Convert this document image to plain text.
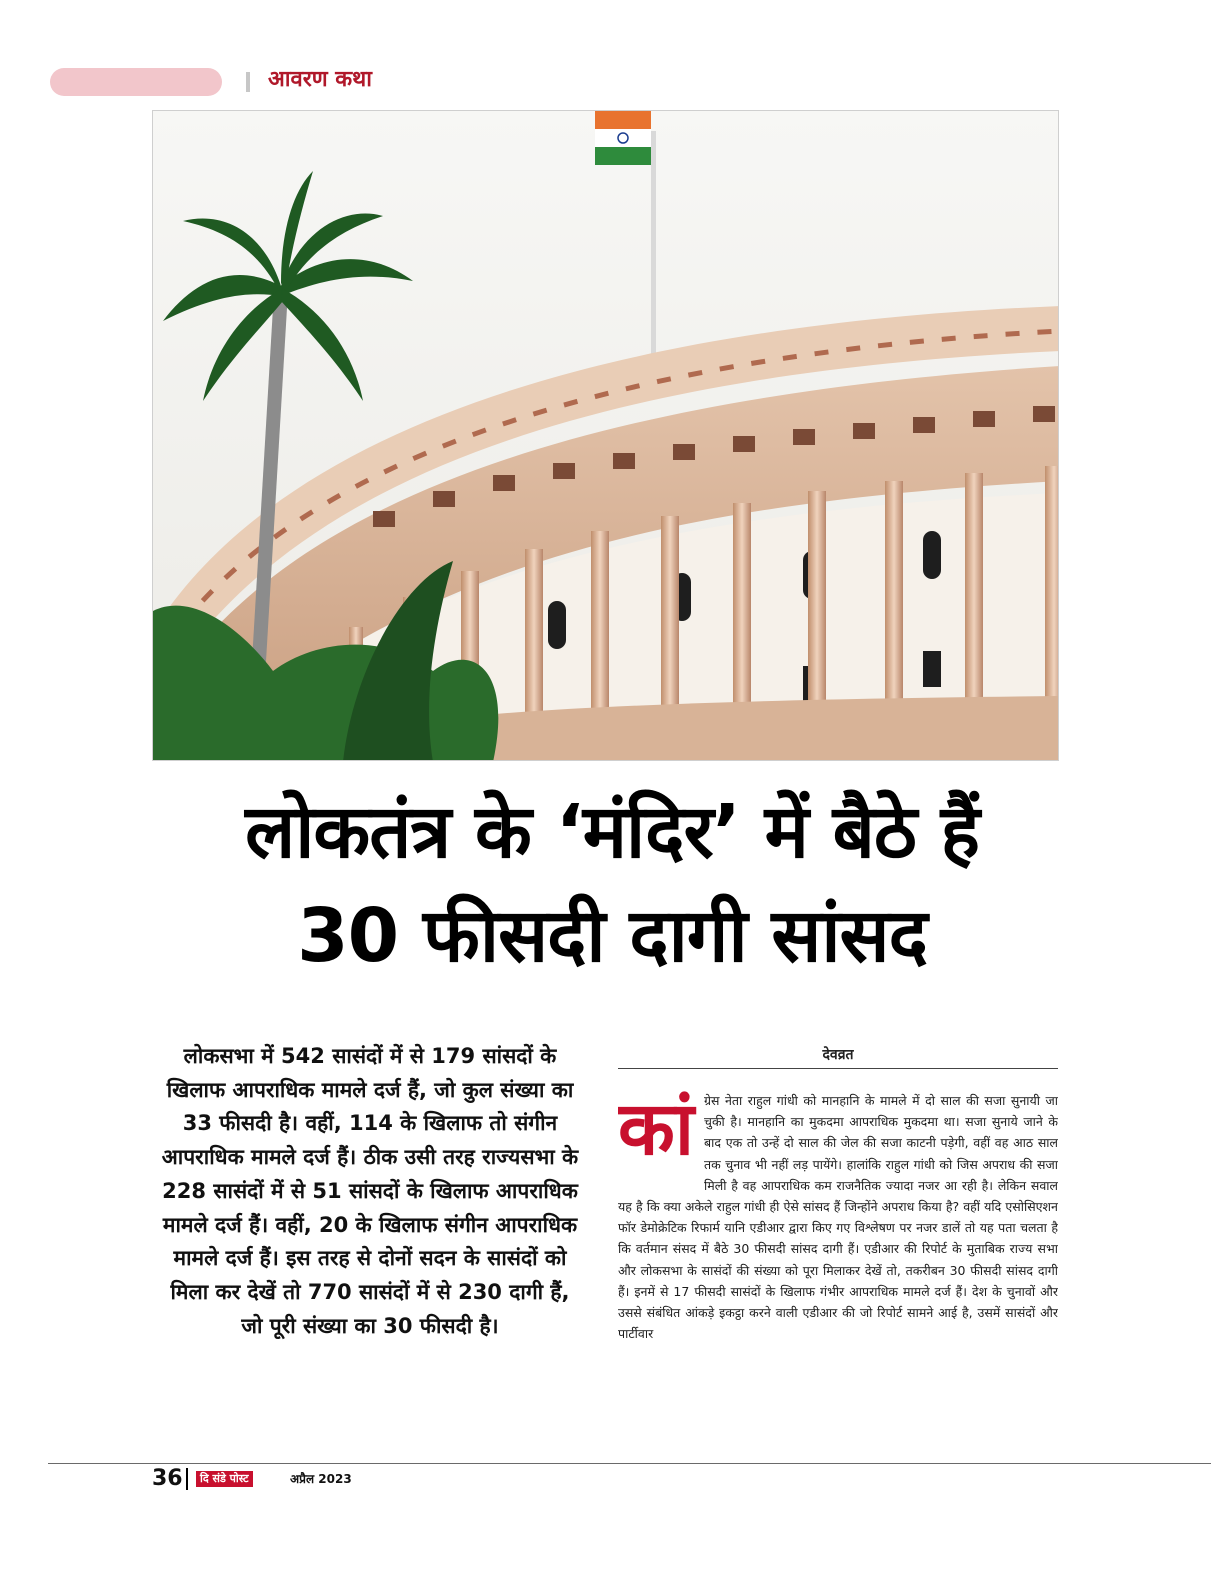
आवरण कथा
लोकतंत्र के ‘मंदिर’ में बैठे हैं
30 फीसदी दागी सांसद
लोकसभा में 542 सासंदों में से 179 सांसदों के खिलाफ आपराधिक मामले दर्ज हैं, जो कुल संख्या का 33 फीसदी है। वहीं, 114 के खिलाफ तो संगीन आपराधिक मामले दर्ज हैं। ठीक उसी तरह राज्यसभा के 228 सासंदों में से 51 सांसदों के खिलाफ आपराधिक मामले दर्ज हैं। वहीं, 20 के खिलाफ संगीन आपराधिक मामले दर्ज हैं। इस तरह से दोनों सदन के सासंदों को मिला कर देखें तो 770 सासंदों में से 230 दागी हैं, जो पूरी संख्या का 30 फीसदी है।
देवव्रत
कां ग्रेस नेता राहुल गांधी को मानहानि के मामले में दो साल की सजा सुनायी जा चुकी है। मानहानि का मुकदमा आपराधिक मुकदमा था। सजा सुनाये जाने के बाद एक तो उन्हें दो साल की जेल की सजा काटनी पड़ेगी, वहीं वह आठ साल तक चुनाव भी नहीं लड़ पायेंगे। हालांकि राहुल गांधी को जिस अपराध की सजा मिली है वह आपराधिक कम राजनैतिक ज्यादा नजर आ रही है। लेकिन सवाल यह है कि क्या अकेले राहुल गांधी ही ऐसे सांसद हैं जिन्होंने अपराध किया है? वहीं यदि एसोसिएशन फॉर डेमोक्रेटिक रिफार्म यानि एडीआर द्वारा किए गए विश्लेषण पर नजर डालें तो यह पता चलता है कि वर्तमान संसद में बैठे 30 फीसदी सांसद दागी हैं। एडीआर की रिपोर्ट के मुताबिक राज्य सभा और लोकसभा के सासंदों की संख्या को पूरा मिलाकर देखें तो, तकरीबन 30 फीसदी सांसद दागी हैं। इनमें से 17 फीसदी सासंदों के खिलाफ गंभीर आपराधिक मामले दर्ज हैं। देश के चुनावों और उससे संबंधित आंकड़े इकट्ठा करने वाली एडीआर की जो रिपोर्ट सामने आई है, उसमें सासंदों और पार्टीवार
36	दि संडे पोस्ट	अप्रैल 2023
